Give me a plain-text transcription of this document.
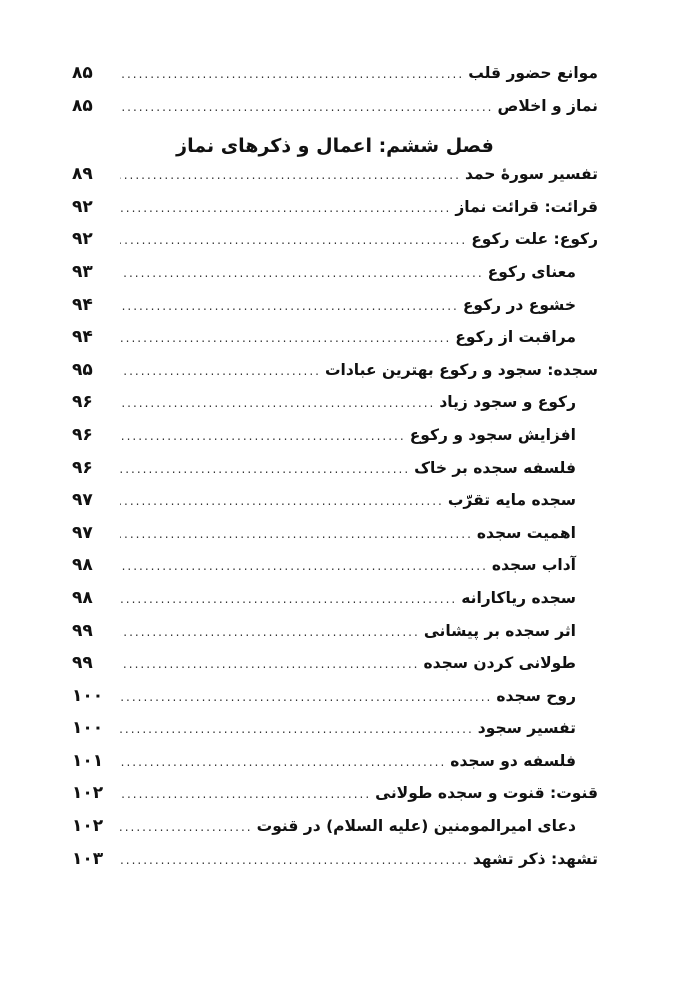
موانع حضور قلب
.....
۸۵
نماز و اخلاص
.....
۸۵
فصل ششم: اعمال و ذکرهای نماز
تفسیر سورۀ حمد
.....
۸۹
قرائت: قرائت نماز
.....
۹۲
رکوع: علت رکوع
.....
۹۲
معنای رکوع
.....
۹۳
خشوع در رکوع
.....
۹۴
مراقبت از رکوع
.....
۹۴
سجده: سجود و رکوع بهترین عبادات
.....
۹۵
رکوع و سجود زیاد
.....
۹۶
افزایش سجود و رکوع
.....
۹۶
فلسفه سجده بر خاک
.....
۹۶
سجده مایه تقرّب
.....
۹۷
اهمیت سجده
.....
۹۷
آداب سجده
.....
۹۸
سجده ریاکارانه
.....
۹۸
اثر سجده بر پیشانی
.....
۹۹
طولانی کردن سجده
.....
۹۹
روح سجده
.....
۱۰۰
تفسیر سجود
.....
۱۰۰
فلسفه دو سجده
.....
۱۰۱
قنوت: قنوت و سجده طولانی
.....
۱۰۲
دعای امیرالمومنین (علیه السلام) در قنوت
.....
۱۰۲
تشهد: ذکر تشهد
.....
۱۰۳
